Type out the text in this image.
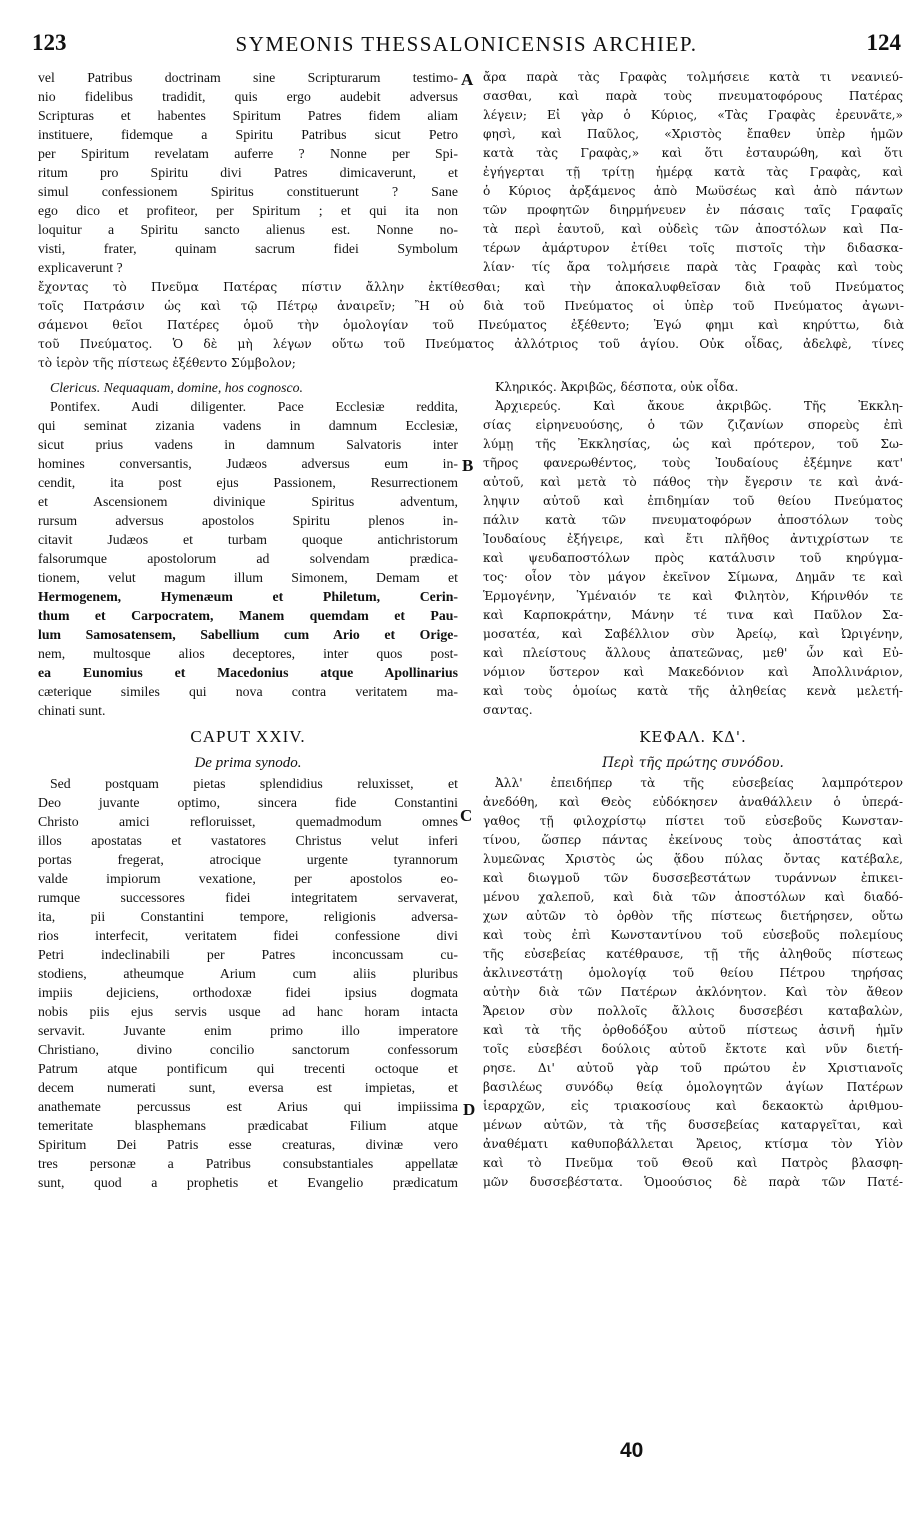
123	SYMEONIS THESSALONICENSIS ARCHIEP.	124
vel Patribus doctrinam sine Scripturarum testimo-
nio fidelibus tradidit, quis ergo audebit adversus
Scripturas et habentes Spiritum Patres fidem aliam
instituere, fidemque a Spiritu Patribus sicut Petro
per Spiritum revelatam auferre ? Nonne per Spi-
ritum pro Spiritu divi Patres dimicaverunt, et
simul confessionem Spiritus constituerunt ? Sane
ego dico et profiteor, per Spiritum ; et qui ita non
loquitur a Spiritu sancto alienus est. Nonne no-
visti, frater, quinam sacrum fidei Symbolum
explicaverunt ?
ἄρα παρὰ τὰς Γραφὰς τολμήσειε κατὰ τι νεανιεύ-
σασθαι, καὶ παρὰ τοὺς πνευματοφόρους Πατέρας
λέγειν; Εἰ γὰρ ὁ Κύριος, «Τὰς Γραφὰς ἐρευνᾶτε,»
φησὶ, καὶ Παῦλος, «Χριστὸς ἔπαθεν ὑπὲρ ἡμῶν
κατὰ τὰς Γραφὰς,» καὶ ὅτι ἐσταυρώθη, καὶ ὅτι
ἐγήγερται τῇ τρίτῃ ἡμέρᾳ κατὰ τὰς Γραφὰς, καὶ
ὁ Κύριος ἀρξάμενος ἀπὸ Μωϋσέως καὶ ἀπὸ πάντων
τῶν προφητῶν διηρμήνευεν ἐν πάσαις ταῖς Γραφαῖς
τὰ περὶ ἑαυτοῦ, καὶ οὐδεὶς τῶν ἀποστόλων καὶ Πα-
τέρων ἀμάρτυρον ἐτίθει τοῖς πιστοῖς τὴν διδασκα-
λίαν· τίς ἄρα τολμήσειε παρὰ τὰς Γραφὰς καὶ τοὺς
ἔχοντας τὸ Πνεῦμα Πατέρας πίστιν ἄλλην ἐκτίθεσθαι; καὶ τὴν ἀποκαλυφθεῖσαν διὰ τοῦ Πνεύματος
τοῖς Πατράσιν ὡς καὶ τῷ Πέτρῳ ἀναιρεῖν; Ἢ οὐ διὰ τοῦ Πνεύματος οἱ ὑπὲρ τοῦ Πνεύματος ἀγωνι-
σάμενοι θεῖοι Πατέρες ὁμοῦ τὴν ὁμολογίαν τοῦ Πνεύματος ἐξέθεντο; Ἐγώ φημι καὶ κηρύττω, διὰ
τοῦ Πνεύματος. Ὁ δὲ μὴ λέγων οὕτω τοῦ Πνεύματος ἀλλότριος τοῦ ἁγίου. Οὐκ οἶδας, ἀδελφὲ, τίνες
τὸ ἱερὸν τῆς πίστεως ἐξέθεντο Σύμβολον;
Clericus. Nequaquam, domine, hos cognosco.
Pontifex. Audi diligenter. Pace Ecclesiæ reddita,
qui seminat zizania vadens in damnum Ecclesiæ,
sicut prius vadens in damnum Salvatoris inter
homines conversantis, Judæos adversus eum in-
cendit, ita post ejus Passionem, Resurrectionem
et Ascensionem divinique Spiritus adventum,
rursum adversus apostolos Spiritu plenos in-
citavit Judæos et turbam quoque antichristorum
falsorumque apostolorum ad solvendam prædica-
tionem, velut magum illum Simonem, Demam et
Hermogenem, Hymenæum et Philetum, Cerin-
thum et Carpocratem, Manem quemdam et Pau-
lum Samosatensem, Sabellium cum Ario et Orige-
nem, multosque alios deceptores, inter quos post-
ea Eunomius et Macedonius atque Apollinarius
cæterique similes qui nova contra veritatem ma-
chinati sunt.
Κληρικός. Ἀκριβῶς, δέσποτα, οὐκ οἶδα.
Ἀρχιερεύς. Καὶ ἄκουε ἀκριβῶς. Τῆς Ἐκκλη-
σίας εἰρηνευούσης, ὁ τῶν ζιζανίων σπορεὺς ἐπὶ
λύμῃ τῆς Ἐκκλησίας, ὡς καὶ πρότερον, τοῦ Σω-
τῆρος φανερωθέντος, τοὺς Ἰουδαίους ἐξέμηνε κατ'
αὐτοῦ, καὶ μετὰ τὸ πάθος τὴν ἔγερσιν τε καὶ ἀνά-
ληψιν αὐτοῦ καὶ ἐπιδημίαν τοῦ θείου Πνεύματος
πάλιν κατὰ τῶν πνευματοφόρων ἀποστόλων τοὺς
Ἰουδαίους ἐξήγειρε, καὶ ἔτι πλῆθος ἀντιχρίστων τε
καὶ ψευδαποστόλων πρὸς κατάλυσιν τοῦ κηρύγμα-
τος· οἷον τὸν μάγον ἐκεῖνον Σίμωνα, Δημᾶν τε καὶ
Ἑρμογένην, Ὑμέναιόν τε καὶ Φιλητὸν, Κήρινθόν τε
καὶ Καρποκράτην, Μάνην τέ τινα καὶ Παῦλον Σα-
μοσατέα, καὶ Σαβέλλιον σὺν Ἀρείῳ, καὶ Ὠριγένην,
καὶ πλείστους ἄλλους ἀπατεῶνας, μεθ' ὧν καὶ Εὐ-
νόμιον ὕστερον καὶ Μακεδόνιον καὶ Ἀπολλινάριον,
καὶ τοὺς ὁμοίως κατὰ τῆς ἀληθείας κενὰ μελετή-
σαντας.
CAPUT XXIV.
De prima synodo.
Sed postquam pietas splendidius reluxisset, et
Deo juvante optimo, sincera fide Constantini
Christo amici refloruisset, quemadmodum omnes
illos apostatas et vastatores Christus velut inferi
portas fregerat, atrocique urgente tyrannorum
valde impiorum vexatione, per apostolos eo-
rumque successores fidei integritatem servaverat,
ita, pii Constantini tempore, religionis adversa-
rios interfecit, veritatem fidei confessione divi
Petri indeclinabili per Patres inconcussam cu-
stodiens, atheumque Arium cum aliis pluribus
impiis dejiciens, orthodoxæ fidei ipsius dogmata
nobis piis ejus servis usque ad hanc horam intacta
servavit. Juvante enim primo illo imperatore
Christiano, divino concilio sanctorum confessorum
Patrum atque pontificum qui trecenti octoque et
decem numerati sunt, eversa est impietas, et
anathemate percussus est Arius qui impiissima
temeritate blasphemans prædicabat Filium atque
Spiritum Dei Patris esse creaturas, divinæ vero
tres personæ a Patribus consubstantiales appellatæ
sunt, quod a prophetis et Evangelio prædicatum
ΚΕΦΑΛ. ΚΔ'.
Περὶ τῆς πρώτης συνόδου.
Ἀλλ' ἐπειδήπερ τὰ τῆς εὐσεβείας λαμπρότερον
ἀνεδόθη, καὶ Θεὸς εὐδόκησεν ἀναθάλλειν ὁ ὑπερά-
γαθος τῇ φιλοχρίστῳ πίστει τοῦ εὐσεβοῦς Κωνσταν-
τίνου, ὥσπερ πάντας ἐκείνους τοὺς ἀποστάτας καὶ
λυμεῶνας Χριστὸς ὡς ᾅδου πύλας ὄντας κατέβαλε,
καὶ διωγμοῦ τῶν δυσσεβεστάτων τυράννων ἐπικει-
μένου χαλεποῦ, καὶ διὰ τῶν ἀποστόλων καὶ διαδό-
χων αὐτῶν τὸ ὀρθὸν τῆς πίστεως διετήρησεν, οὕτω
καὶ τοὺς ἐπὶ Κωνσταντίνου τοῦ εὐσεβοῦς πολεμίους
τῆς εὐσεβείας κατέθραυσε, τῇ τῆς ἀληθοῦς πίστεως
ἀκλινεστάτῃ ὁμολογίᾳ τοῦ θείου Πέτρου τηρήσας
αὐτὴν διὰ τῶν Πατέρων ἀκλόνητον. Καὶ τὸν ἄθεον
Ἄρειον σὺν πολλοῖς ἄλλοις δυσσεβέσι καταβαλὼν,
καὶ τὰ τῆς ὀρθοδόξου αὐτοῦ πίστεως ἀσινῆ ἡμῖν
τοῖς εὐσεβέσι δούλοις αὐτοῦ ἔκτοτε καὶ νῦν διετή-
ρησε. Δι' αὐτοῦ γὰρ τοῦ πρώτου ἐν Χριστιανοῖς
βασιλέως συνόδῳ θείᾳ ὁμολογητῶν ἁγίων Πατέρων
ἱεραρχῶν, εἰς τριακοσίους καὶ δεκαοκτὼ ἀριθμου-
μένων αὐτῶν, τὰ τῆς δυσσεβείας καταργεῖται, καὶ
ἀναθέματι καθυποβάλλεται Ἄρειος, κτίσμα τὸν Υἱὸν
καὶ τὸ Πνεῦμα τοῦ Θεοῦ καὶ Πατρὸς βλασφη-
μῶν δυσσεβέστατα. Ὁμοούσιος δὲ παρὰ τῶν Πατέ-
A
B
C
D
40
